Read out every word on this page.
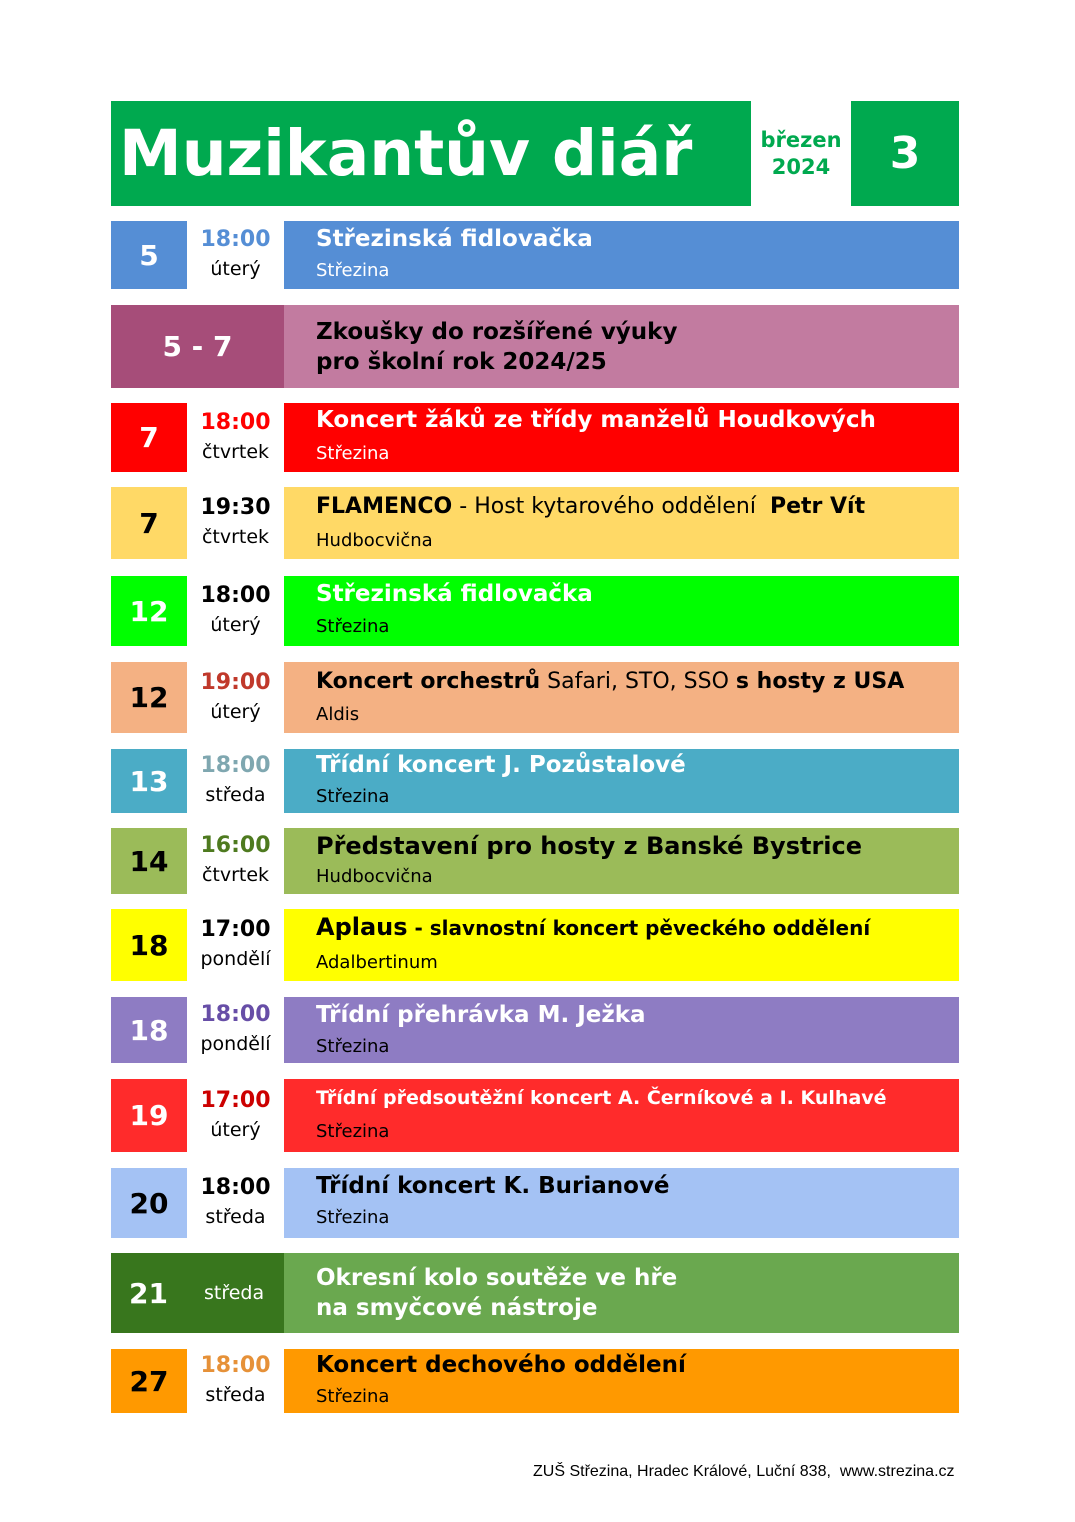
Muzikantův diář	březen
2024	3
5	18:00
úterý
Střezinská fidlovačka
Střezina
5 - 7	Zkoušky do rozšířené výuky
pro školní rok 2024/25
7	18:00
čtvrtek
Koncert žáků ze třídy manželů Houdkových
Střezina
7	19:30
čtvrtek
FLAMENCO - Host kytarového oddělení  Petr Vít
Hudbocvična
12	18:00
úterý
Střezinská fidlovačka
Střezina
12	19:00
úterý
Koncert orchestrů Safari, STO, SSO s hosty z USA
Aldis
13	18:00
středa
Třídní koncert J. Pozůstalové
Střezina
14	16:00
čtvrtek
Představení pro hosty z Banské Bystrice
Hudbocvična
18	17:00
pondělí
Aplaus - slavnostní koncert pěveckého oddělení
Adalbertinum
18	18:00
pondělí
Třídní přehrávka M. Ježka
Střezina
19	17:00
úterý
Třídní předsoutěžní koncert A. Černíkové a I. Kulhavé
Střezina
20	18:00
středa
Třídní koncert K. Burianové
Střezina
21 středa
Okresní kolo soutěže ve hře
na smyčcové nástroje
27	18:00
středa
Koncert dechového oddělení
Střezina
ZUŠ Střezina, Hradec Králové, Luční 838,  www.strezina.cz
